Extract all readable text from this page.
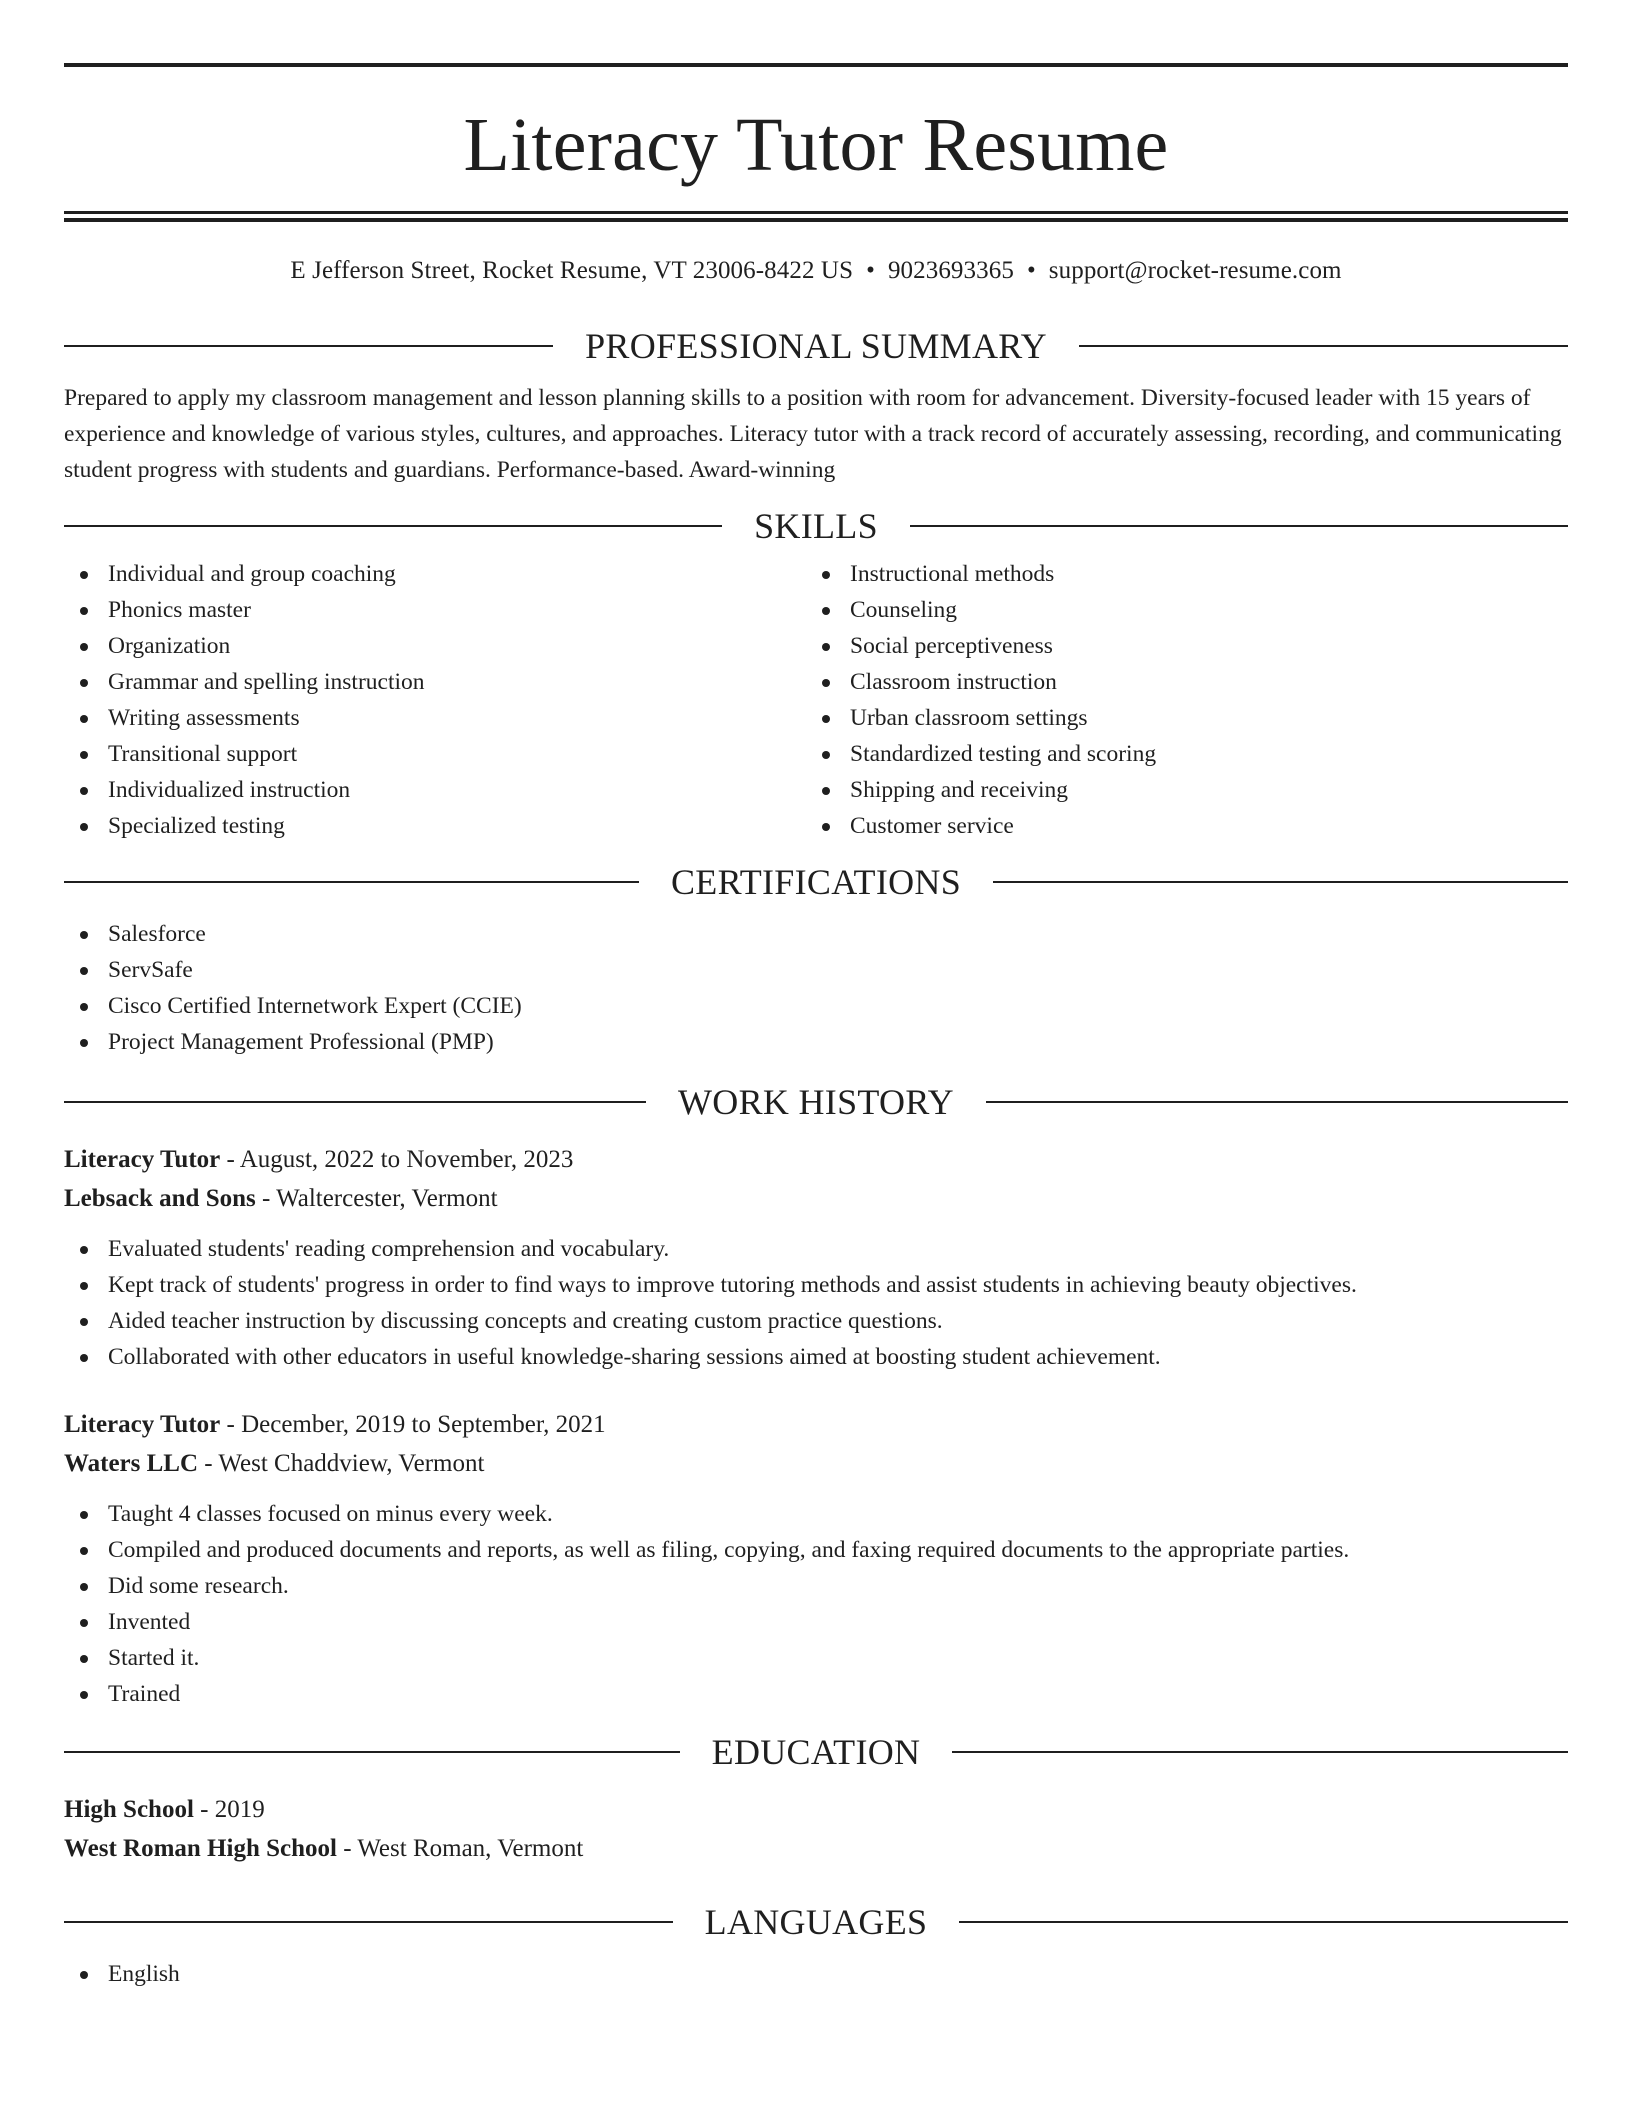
Literacy Tutor Resume
E Jefferson Street, Rocket Resume, VT 23006-8422 US • 9023693365 • support@rocket-resume.com
PROFESSIONAL SUMMARY

Prepared to apply my classroom management and lesson planning skills to a position with room for advancement. Diversity-focused leader with 15 years of experience and knowledge of various styles, cultures, and approaches. Literacy tutor with a track record of accurately assessing, recording, and communicating student progress with students and guardians. Performance-based. Award-winning

SKILLS
Individual and group coaching
Phonics master
Organization
Grammar and spelling instruction
Writing assessments
Transitional support
Individualized instruction
Specialized testing
Instructional methods
Counseling
Social perceptiveness
Classroom instruction
Urban classroom settings
Standardized testing and scoring
Shipping and receiving
Customer service
CERTIFICATIONS
Salesforce
ServSafe
Cisco Certified Internetwork Expert (CCIE)
Project Management Professional (PMP)
WORK HISTORY
Literacy Tutor - August, 2022 to November, 2023
Lebsack and Sons - Waltercester, Vermont
Evaluated students' reading comprehension and vocabulary.
Kept track of students' progress in order to find ways to improve tutoring methods and assist students in achieving beauty objectives.
Aided teacher instruction by discussing concepts and creating custom practice questions.
Collaborated with other educators in useful knowledge-sharing sessions aimed at boosting student achievement.
Literacy Tutor - December, 2019 to September, 2021
Waters LLC - West Chaddview, Vermont
Taught 4 classes focused on minus every week.
Compiled and produced documents and reports, as well as filing, copying, and faxing required documents to the appropriate parties.
Did some research.
Invented
Started it.
Trained
EDUCATION
High School - 2019
West Roman High School - West Roman, Vermont
LANGUAGES
English
